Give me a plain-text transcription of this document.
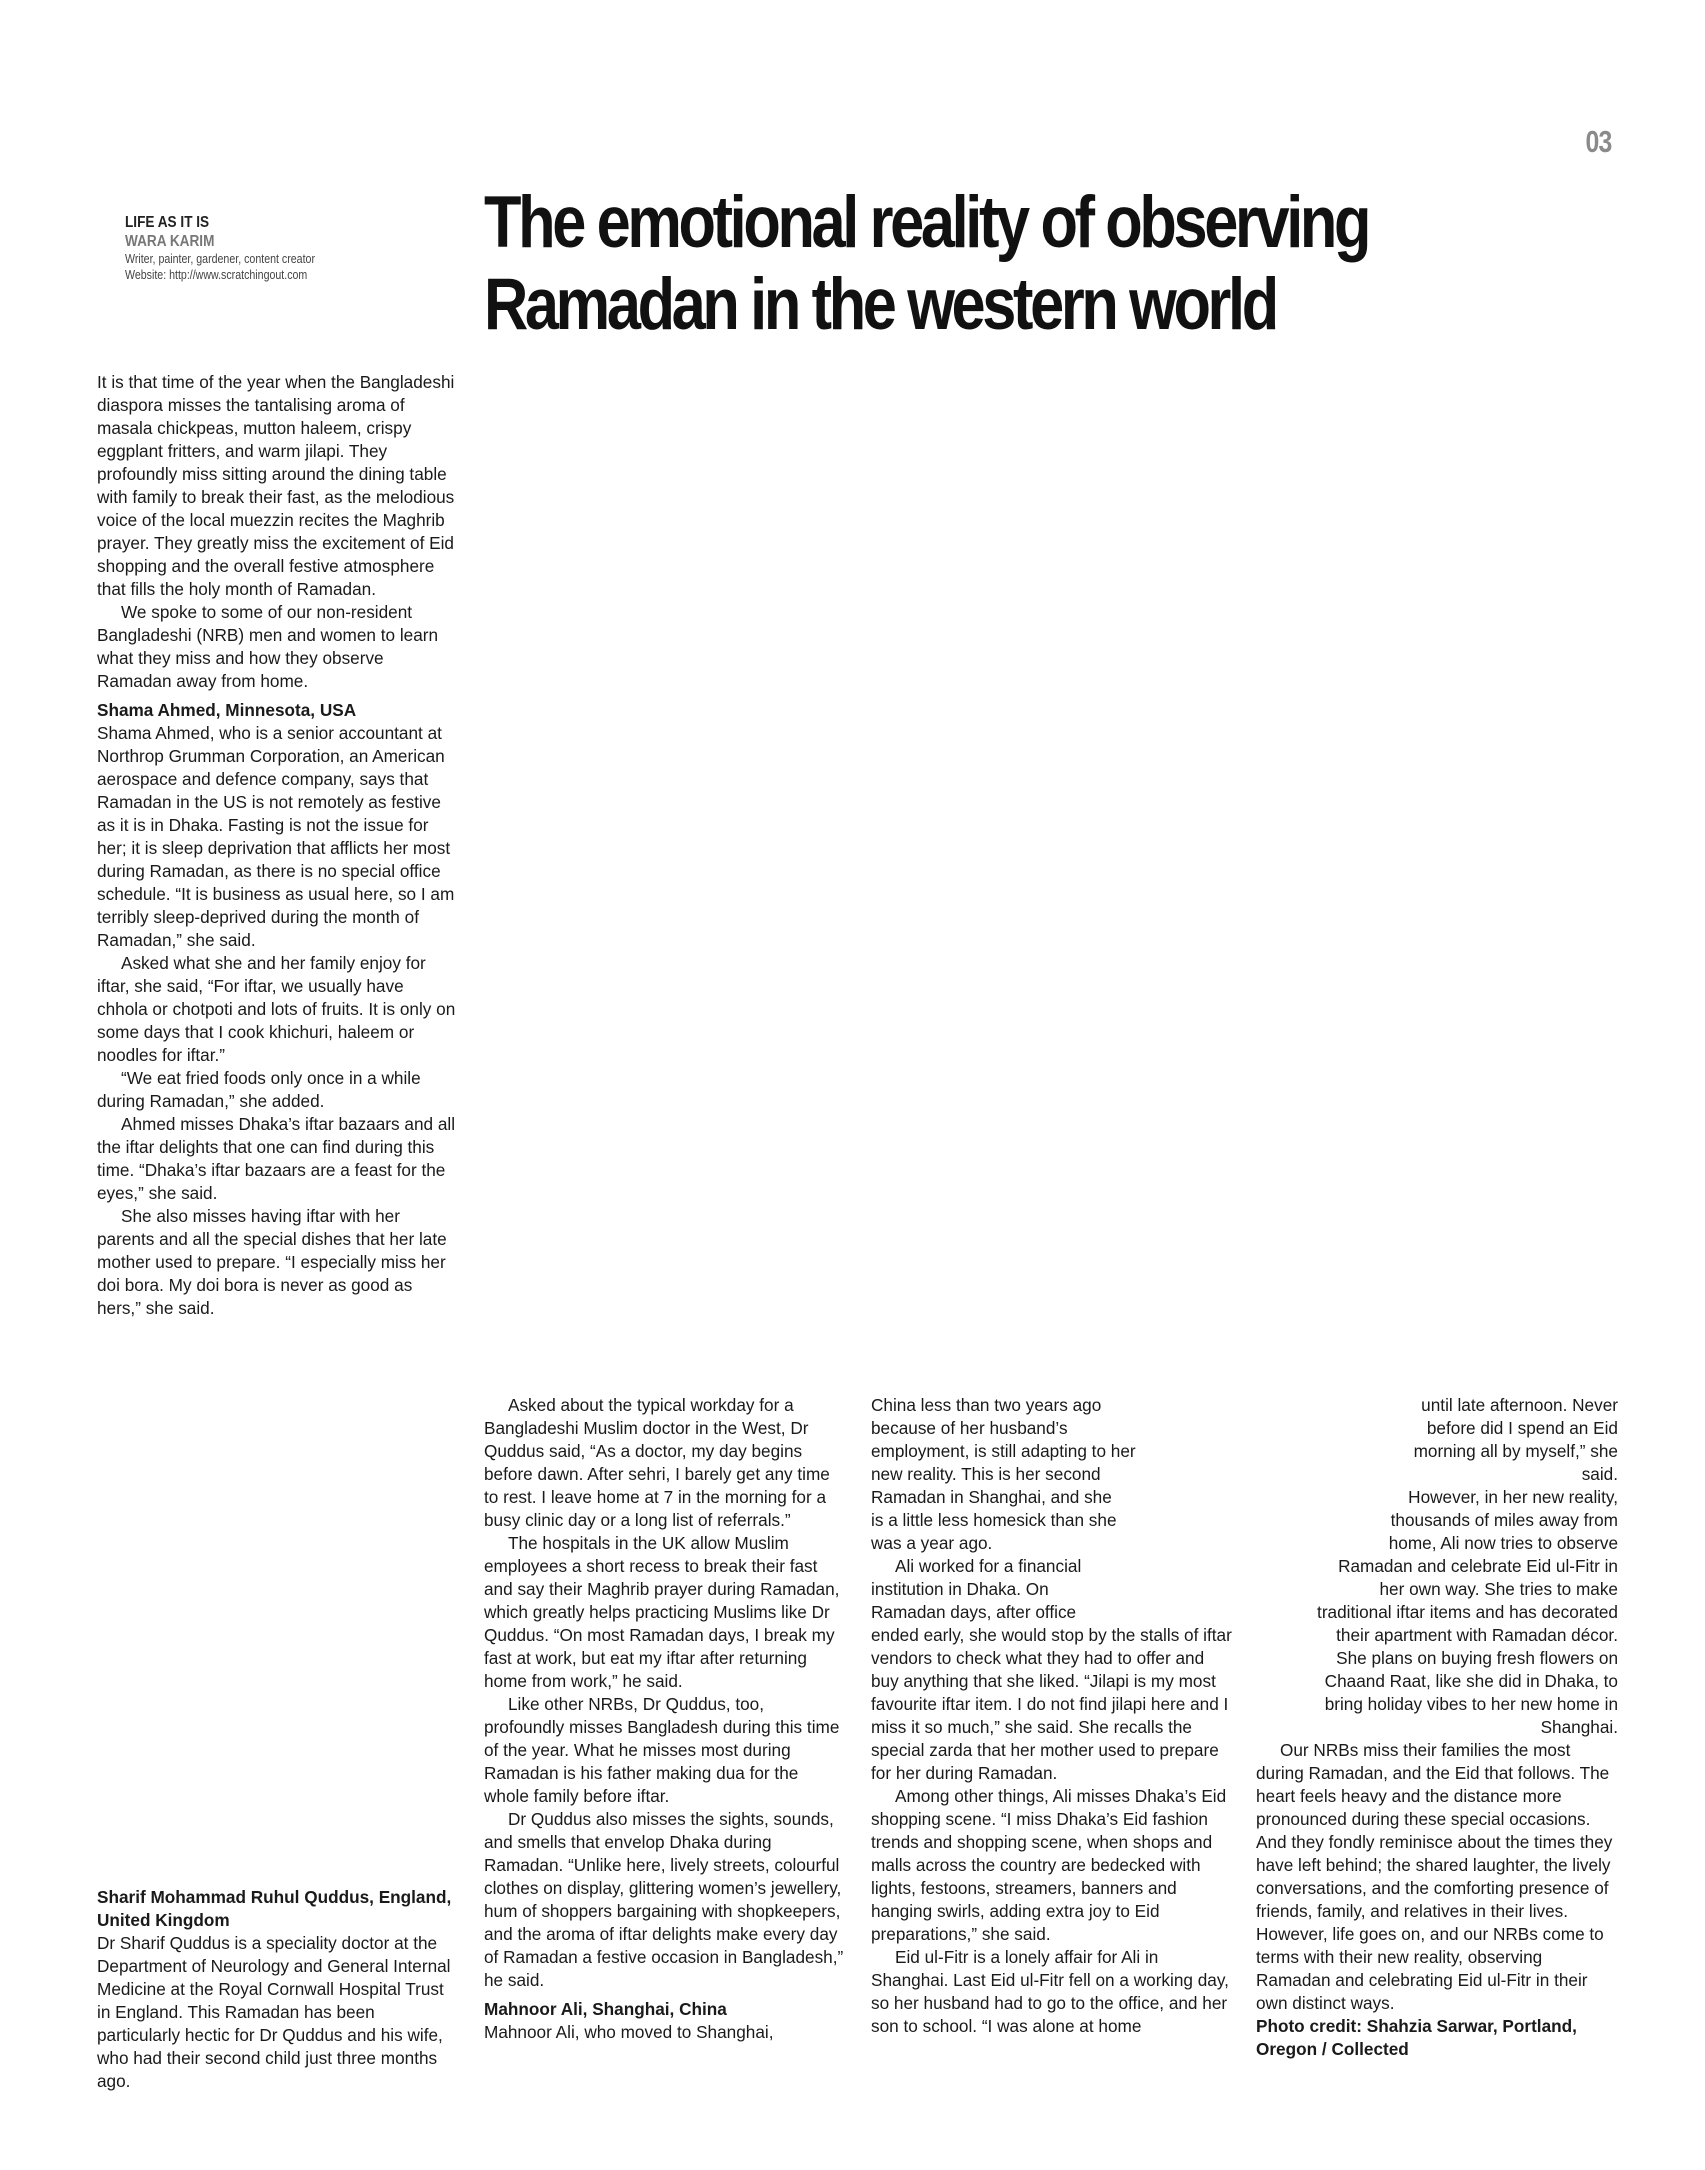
03
LIFE AS IT IS
WARA KARIM
Writer, painter, gardener, content creator
Website: http://www.scratchingout.com
The emotional reality of observing
Ramadan in the western world

It is that time of the year when the Bangladeshi diaspora misses the tantalising aroma of masala chickpeas, mutton haleem, crispy eggplant fritters, and warm jilapi. They profoundly miss sitting around the dining table with family to break their fast, as the melodious voice of the local muezzin recites the Maghrib prayer. They greatly miss the excitement of Eid shopping and the overall festive atmosphere that fills the holy month of Ramadan.

We spoke to some of our non-resident Bangladeshi (NRB) men and women to learn what they miss and how they observe Ramadan away from home.

Shama Ahmed, Minnesota, USA

Shama Ahmed, who is a senior accountant at Northrop Grumman Corporation, an American aerospace and defence company, says that Ramadan in the US is not remotely as festive as it is in Dhaka. Fasting is not the issue for her; it is sleep deprivation that afflicts her most during Ramadan, as there is no special office schedule. “It is business as usual here, so I am terribly sleep-deprived during the month of Ramadan,” she said.

Asked what she and her family enjoy for iftar, she said, “For iftar, we usually have chhola or chotpoti and lots of fruits. It is only on some days that I cook khichuri, haleem or noodles for iftar.”

“We eat fried foods only once in a while during Ramadan,” she added.

Ahmed misses Dhaka’s iftar bazaars and all the iftar delights that one can find during this time. “Dhaka’s iftar bazaars are a feast for the eyes,” she said.

She also misses having iftar with her parents and all the special dishes that her late mother used to prepare. “I especially miss her doi bora. My doi bora is never as good as hers,” she said.

Sharif Mohammad Ruhul Quddus, England, United Kingdom

Dr Sharif Quddus is a speciality doctor at the Department of Neurology and General Internal Medicine at the Royal Cornwall Hospital Trust in England. This Ramadan has been particularly hectic for Dr Quddus and his wife, who had their second child just three months ago.

Asked about the typical workday for a Bangladeshi Muslim doctor in the West, Dr Quddus said, “As a doctor, my day begins before dawn. After sehri, I barely get any time to rest. I leave home at 7 in the morning for a busy clinic day or a long list of referrals.”

The hospitals in the UK allow Muslim employees a short recess to break their fast and say their Maghrib prayer during Ramadan, which greatly helps practicing Muslims like Dr Quddus. “On most Ramadan days, I break my fast at work, but eat my iftar after returning home from work,” he said.

Like other NRBs, Dr Quddus, too, profoundly misses Bangladesh during this time of the year. What he misses most during Ramadan is his father making dua for the whole family before iftar.

Dr Quddus also misses the sights, sounds, and smells that envelop Dhaka during Ramadan. “Unlike here, lively streets, colourful clothes on display, glittering women’s jewellery, hum of shoppers bargaining with shopkeepers, and the aroma of iftar delights make every day of Ramadan a festive occasion in Bangladesh,” he said.

Mahnoor Ali, Shanghai, China

Mahnoor Ali, who moved to Shanghai,

China less than two years ago because of her husband’s employment, is still adapting to her new reality. This is her second Ramadan in Shanghai, and she is a little less homesick than she was a year ago.

Ali worked for a financial institution in Dhaka. On Ramadan days, after office ended early, she would stop by the stalls of iftar vendors to check what they had to offer and buy anything that she liked. “Jilapi is my most favourite iftar item. I do not find jilapi here and I miss it so much,” she said. She recalls the special zarda that her mother used to prepare for her during Ramadan.

Among other things, Ali misses Dhaka’s Eid shopping scene. “I miss Dhaka’s Eid fashion trends and shopping scene, when shops and malls across the country are bedecked with lights, festoons, streamers, banners and hanging swirls, adding extra joy to Eid preparations,” she said.

Eid ul-Fitr is a lonely affair for Ali in Shanghai. Last Eid ul-Fitr fell on a working day, so her husband had to go to the office, and her son to school. “I was alone at home

until late afternoon. Never before did I spend an Eid morning all by myself,” she said.

However, in her new reality, thousands of miles away from home, Ali now tries to observe Ramadan and celebrate Eid ul-Fitr in her own way. She tries to make traditional iftar items and has decorated their apartment with Ramadan décor. She plans on buying fresh flowers on Chaand Raat, like she did in Dhaka, to bring holiday vibes to her new home in Shanghai.

Our NRBs miss their families the most during Ramadan, and the Eid that follows. The heart feels heavy and the distance more pronounced during these special occasions. And they fondly reminisce about the times they have left behind; the shared laughter, the lively conversations, and the comforting presence of friends, family, and relatives in their lives. However, life goes on, and our NRBs come to terms with their new reality, observing Ramadan and celebrating Eid ul-Fitr in their own distinct ways.

Photo credit: Shahzia Sarwar, Portland, Oregon / Collected
